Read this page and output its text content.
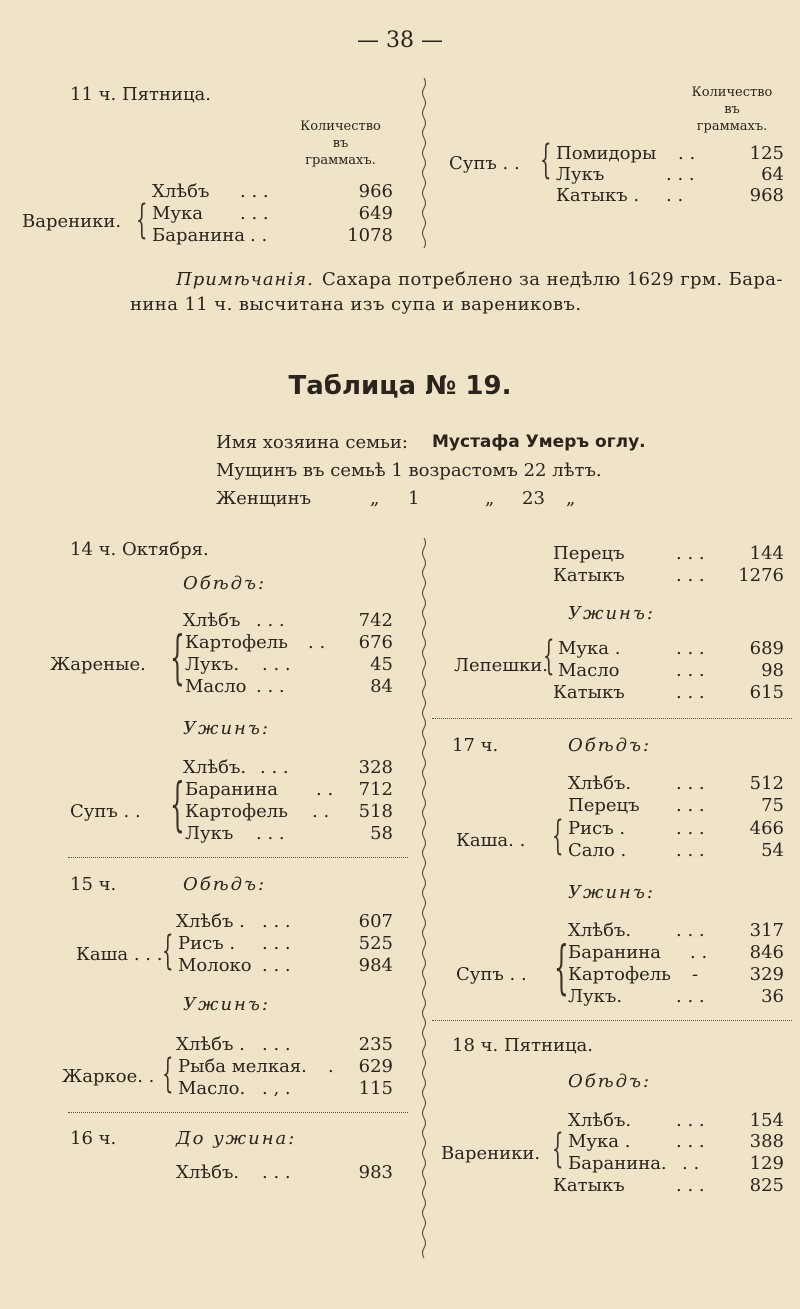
— 38 —
11 ч. Пятница.
Количество
въ
граммахъ.
Хлѣбъ . . .	966
Вареники. { Мука . . .	649
Баранина . .	1078
Количество
въ
граммахъ.
Супъ . . { Помидоры . .	125
Лукъ	. . .	64
Катыкъ . . .	968
Примѣчанія. Сахара потреблено за недѣлю 1629 грм. Бара-
нина 11 ч. высчитана изъ супа и варениковъ.
Таблица № 19.
Имя хозяина семьи: Мустафа Умеръ оглу.
Мущинъ въ семьѣ 1 возрастомъ 22 лѣтъ.
Женщинъ	„ 1	„ 23 „
14 ч. Октября.
Обѣдъ:
Хлѣбъ . . .	742
Жареные. { Картофель . .	676
Лукъ. . . .	45
Масло . . .	84
Ужинъ:
Хлѣбъ. . . .	328
Супъ . . { Баранина . .	712
Картофель . .	518
Лукъ . . .	58
15 ч.	Обѣдъ:
Хлѣбъ . . . .	607
Каша . . . { Рисъ . . . .	525
Молоко . . .	984
Ужинъ:
Хлѣбъ . . . .	235
Жаркое. . { Рыба мелкая. .	629
Масло. . , .	115
16 ч.	До ужина:
Хлѣбъ. . . .	983
Перецъ	. . .	144
Катыкъ	. . .	1276
Ужинъ:
Лепешки.
{ Мука .	. . .	689
Масло	. . .	98
Катыкъ	. . .	615
17 ч.	Обѣдъ:
Хлѣбъ. . . .	512
Перецъ . . .	75
Каша. . { Рисъ .	. . .	466
Сало .	. . .	54
Ужинъ:
Хлѣбъ. . . .	317
Супъ . . { Баранина . .	846
Картофель -	329
Лукъ.	. . .	36
18 ч. Пятница.
Обѣдъ:
Хлѣбъ. . . .	154
Вареники. { Мука .	. . .	388
Баранина. . .	129
Катыкъ	. . .	825
